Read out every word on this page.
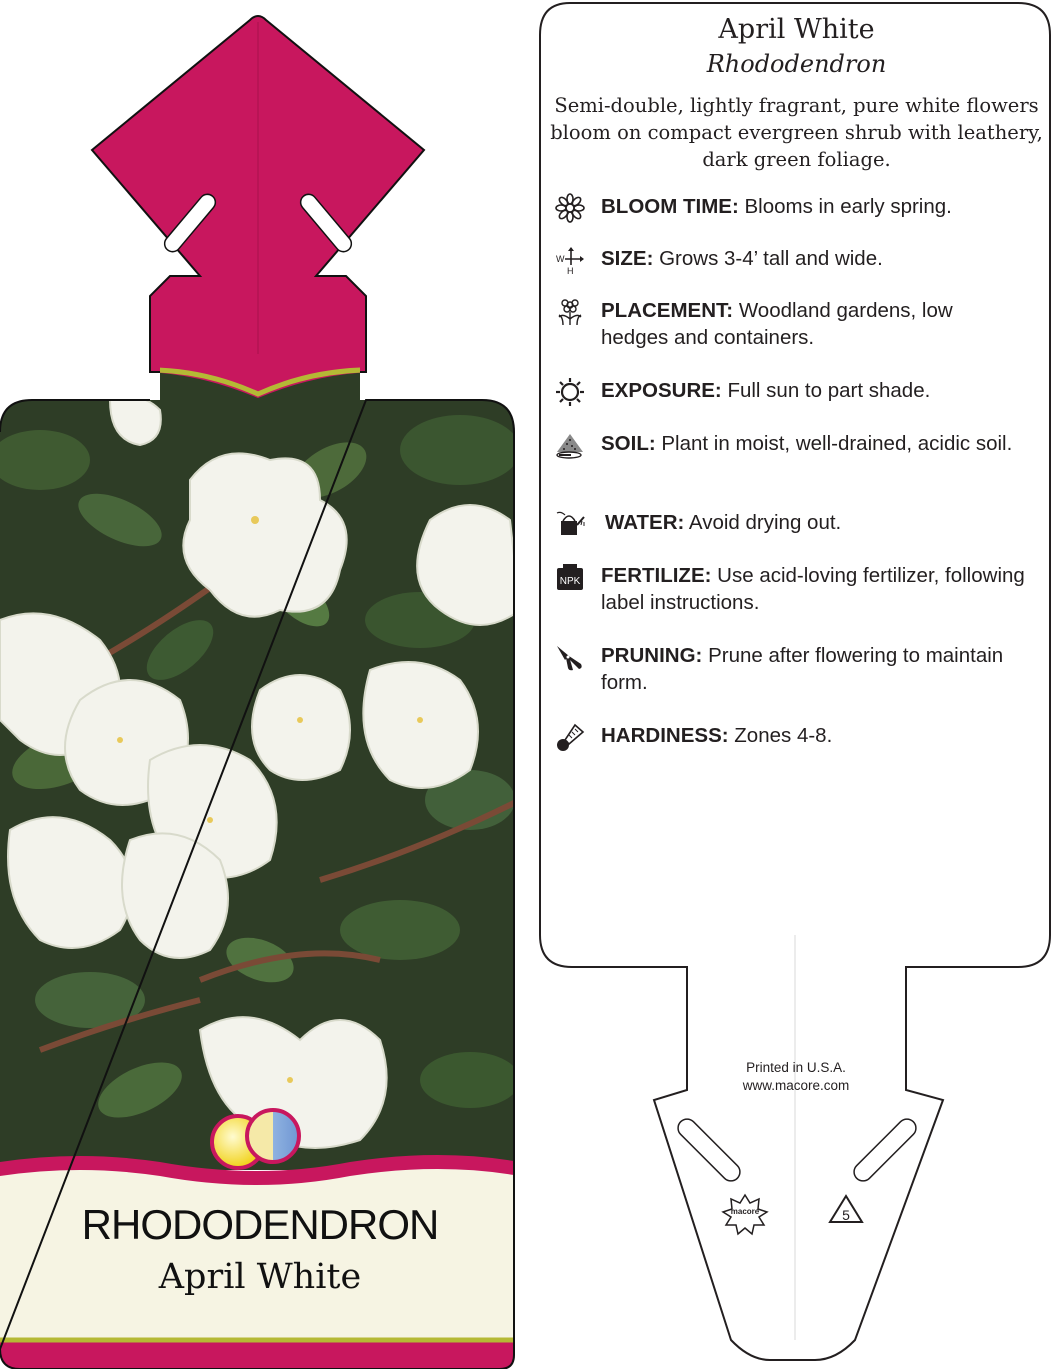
RHODODENDRON
April White
macore	5
April White
Rhododendron
Semi-double, lightly fragrant, pure white flowers bloom on compact evergreen shrub with leathery, dark green foliage.
BLOOM TIME: Blooms in early spring.
W
H
SIZE: Grows 3-4’ tall and wide.
PLACEMENT: Woodland gardens, low hedges and containers.
EXPOSURE: Full sun to part shade.
SOIL: Plant in moist, well-drained, acidic soil.
WATER: Avoid drying out.
NPK FERTILIZE: Use acid-loving fertilizer, following label instructions.
PRUNING: Prune after flowering to maintain form.
HARDINESS: Zones 4-8.
Printed in U.S.A.
www.macore.com
